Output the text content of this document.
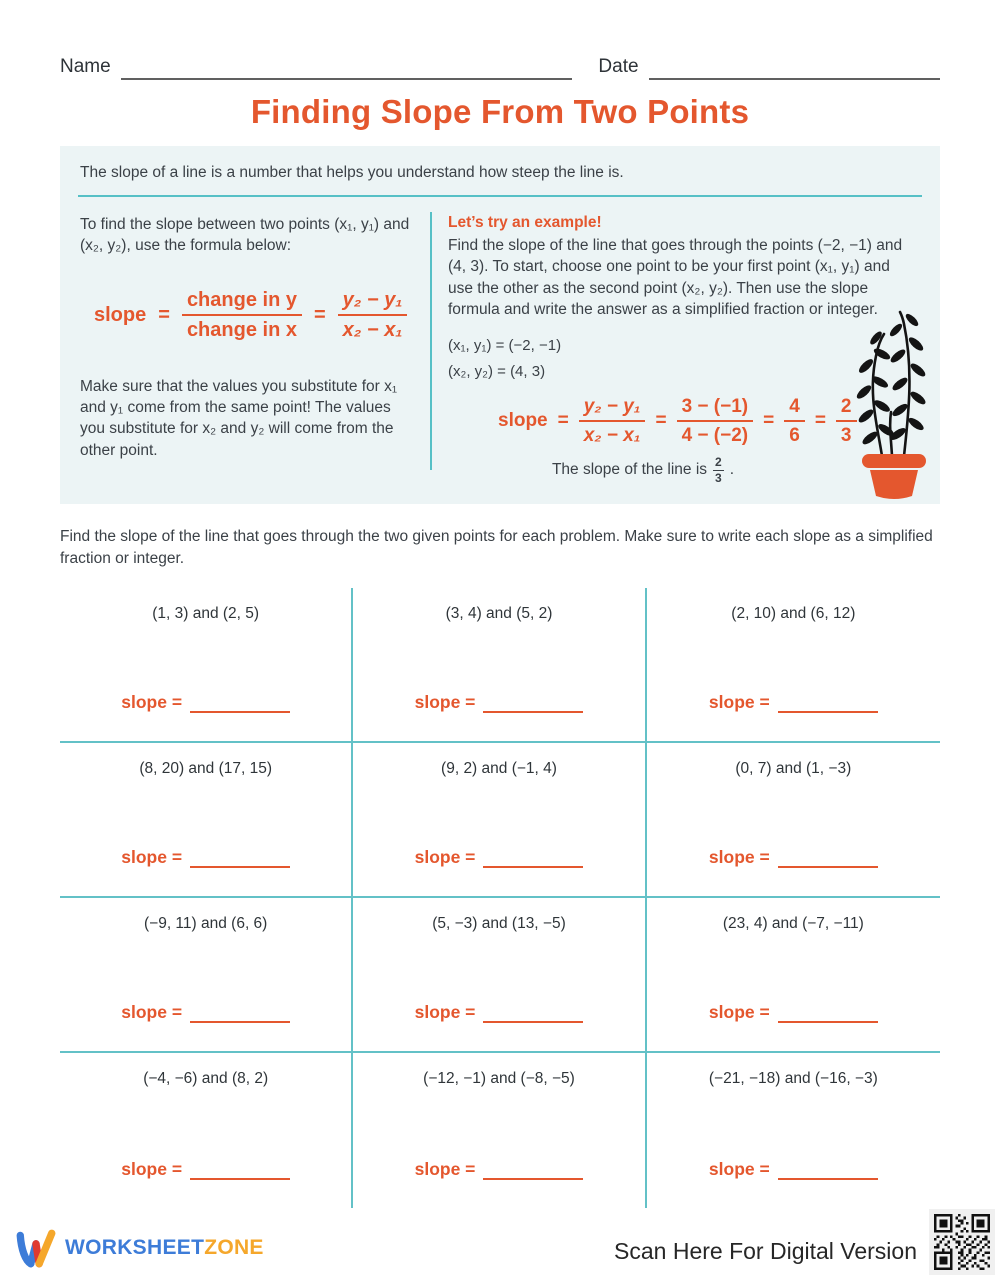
Name	Date
Finding Slope From Two Points

The slope of a line is a number that helps you understand how steep the line is.

To find the slope between two points (x₁, y₁) and (x₂, y₂), use the formula below:

slope = $\frac{\text{change in y}}{\text{change in x}} = \frac{\text{y₂ − y₁}}{\text{x₂ − x₁}}$

Make sure that the values you substitute for x₁ and y₁ come from the same point! The values you substitute for x₂ and y₂ will come from the other point.

Let’s try an example!

Find the slope of the line that goes through the points (−2, −1) and (4, 3). To start, choose one point to be your first point (x₁, y₁) and use the other as the second point (x₂, y₂). Then use the slope formula and write the answer as a simplified fraction or integer.

(x₁, y₁) = (−2, −1)

(x₂, y₂) = (4, 3)

slope = $\frac{\text{y₂ − y₁}}{\text{x₂ − x₁}} = \frac{3 - (-1)}{4 - (-2)} = \frac{4}{6} = \frac{2}{3}$
The slope of the line is $\frac{2}{3}$ .

Find the slope of the line that goes through the two given points for each problem. Make sure to write each slope as a simplified fraction or integer.

(1, 3) and (2, 5)
slope =
(3, 4) and (5, 2)
slope =
(2, 10) and (6, 12)
slope =
(8, 20) and (17, 15)
slope =
(9, 2) and (−1, 4)
slope =
(0, 7) and (1, −3)
slope =
(−9, 11) and (6, 6)
slope =
(5, −3) and (13, −5)
slope =
(23, 4) and (−7, −11)
slope =
(−4, −6) and (8, 2)
slope =
(−12, −1) and (−8, −5)
slope =
(−21, −18) and (−16, −3)
slope =
WORKSHEETZONE	Scan Here For Digital Version
